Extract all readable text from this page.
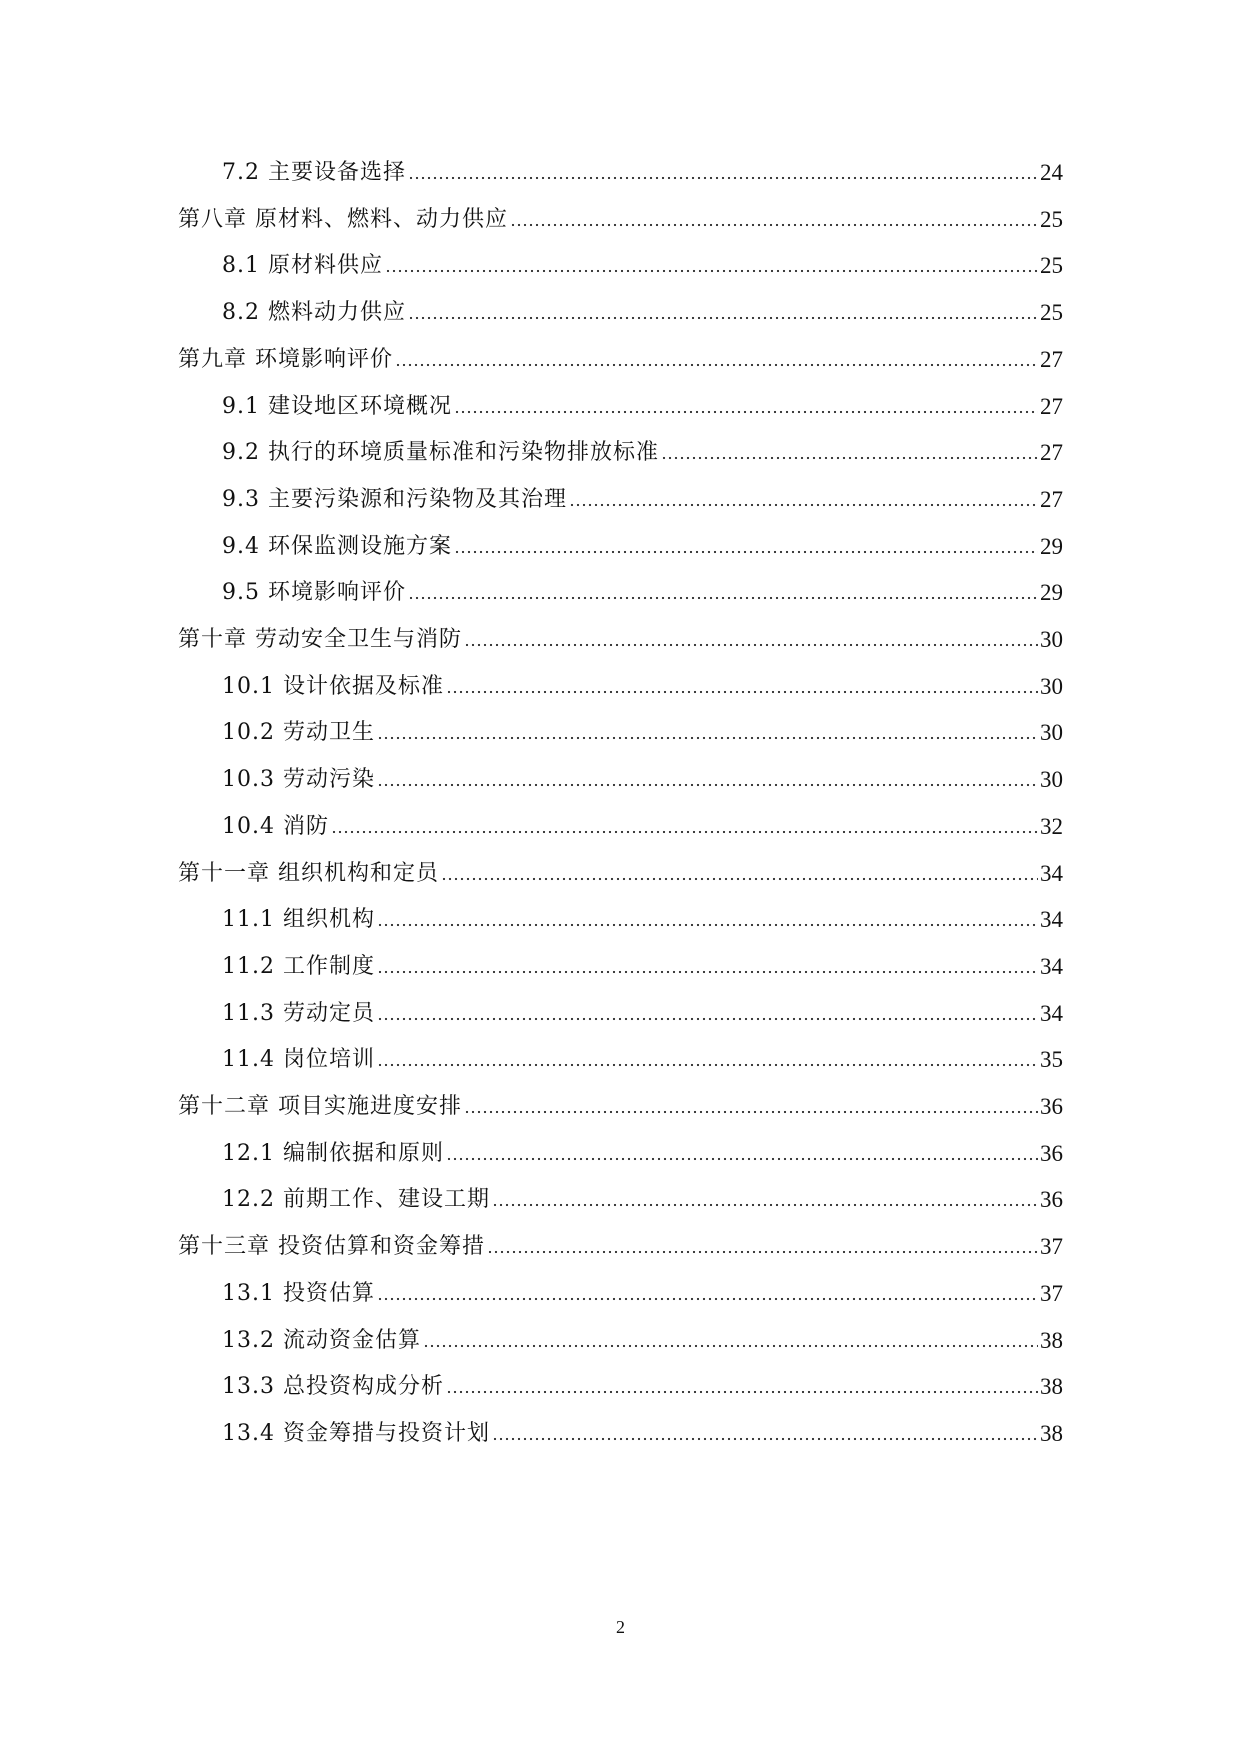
7.2 主要设备选择	24
第八章 原材料、燃料、动力供应	25
8.1 原材料供应	25
8.2 燃料动力供应	25
第九章 环境影响评价	27
9.1 建设地区环境概况	27
9.2 执行的环境质量标准和污染物排放标准	27
9.3 主要污染源和污染物及其治理	27
9.4 环保监测设施方案	29
9.5 环境影响评价	29
第十章 劳动安全卫生与消防	30
10.1 设计依据及标准	30
10.2 劳动卫生	30
10.3 劳动污染	30
10.4 消防	32
第十一章 组织机构和定员	34
11.1 组织机构	34
11.2 工作制度	34
11.3 劳动定员	34
11.4 岗位培训	35
第十二章 项目实施进度安排	36
12.1 编制依据和原则	36
12.2 前期工作、建设工期	36
第十三章 投资估算和资金筹措	37
13.1 投资估算	37
13.2 流动资金估算	38
13.3 总投资构成分析	38
13.4 资金筹措与投资计划	38
2
